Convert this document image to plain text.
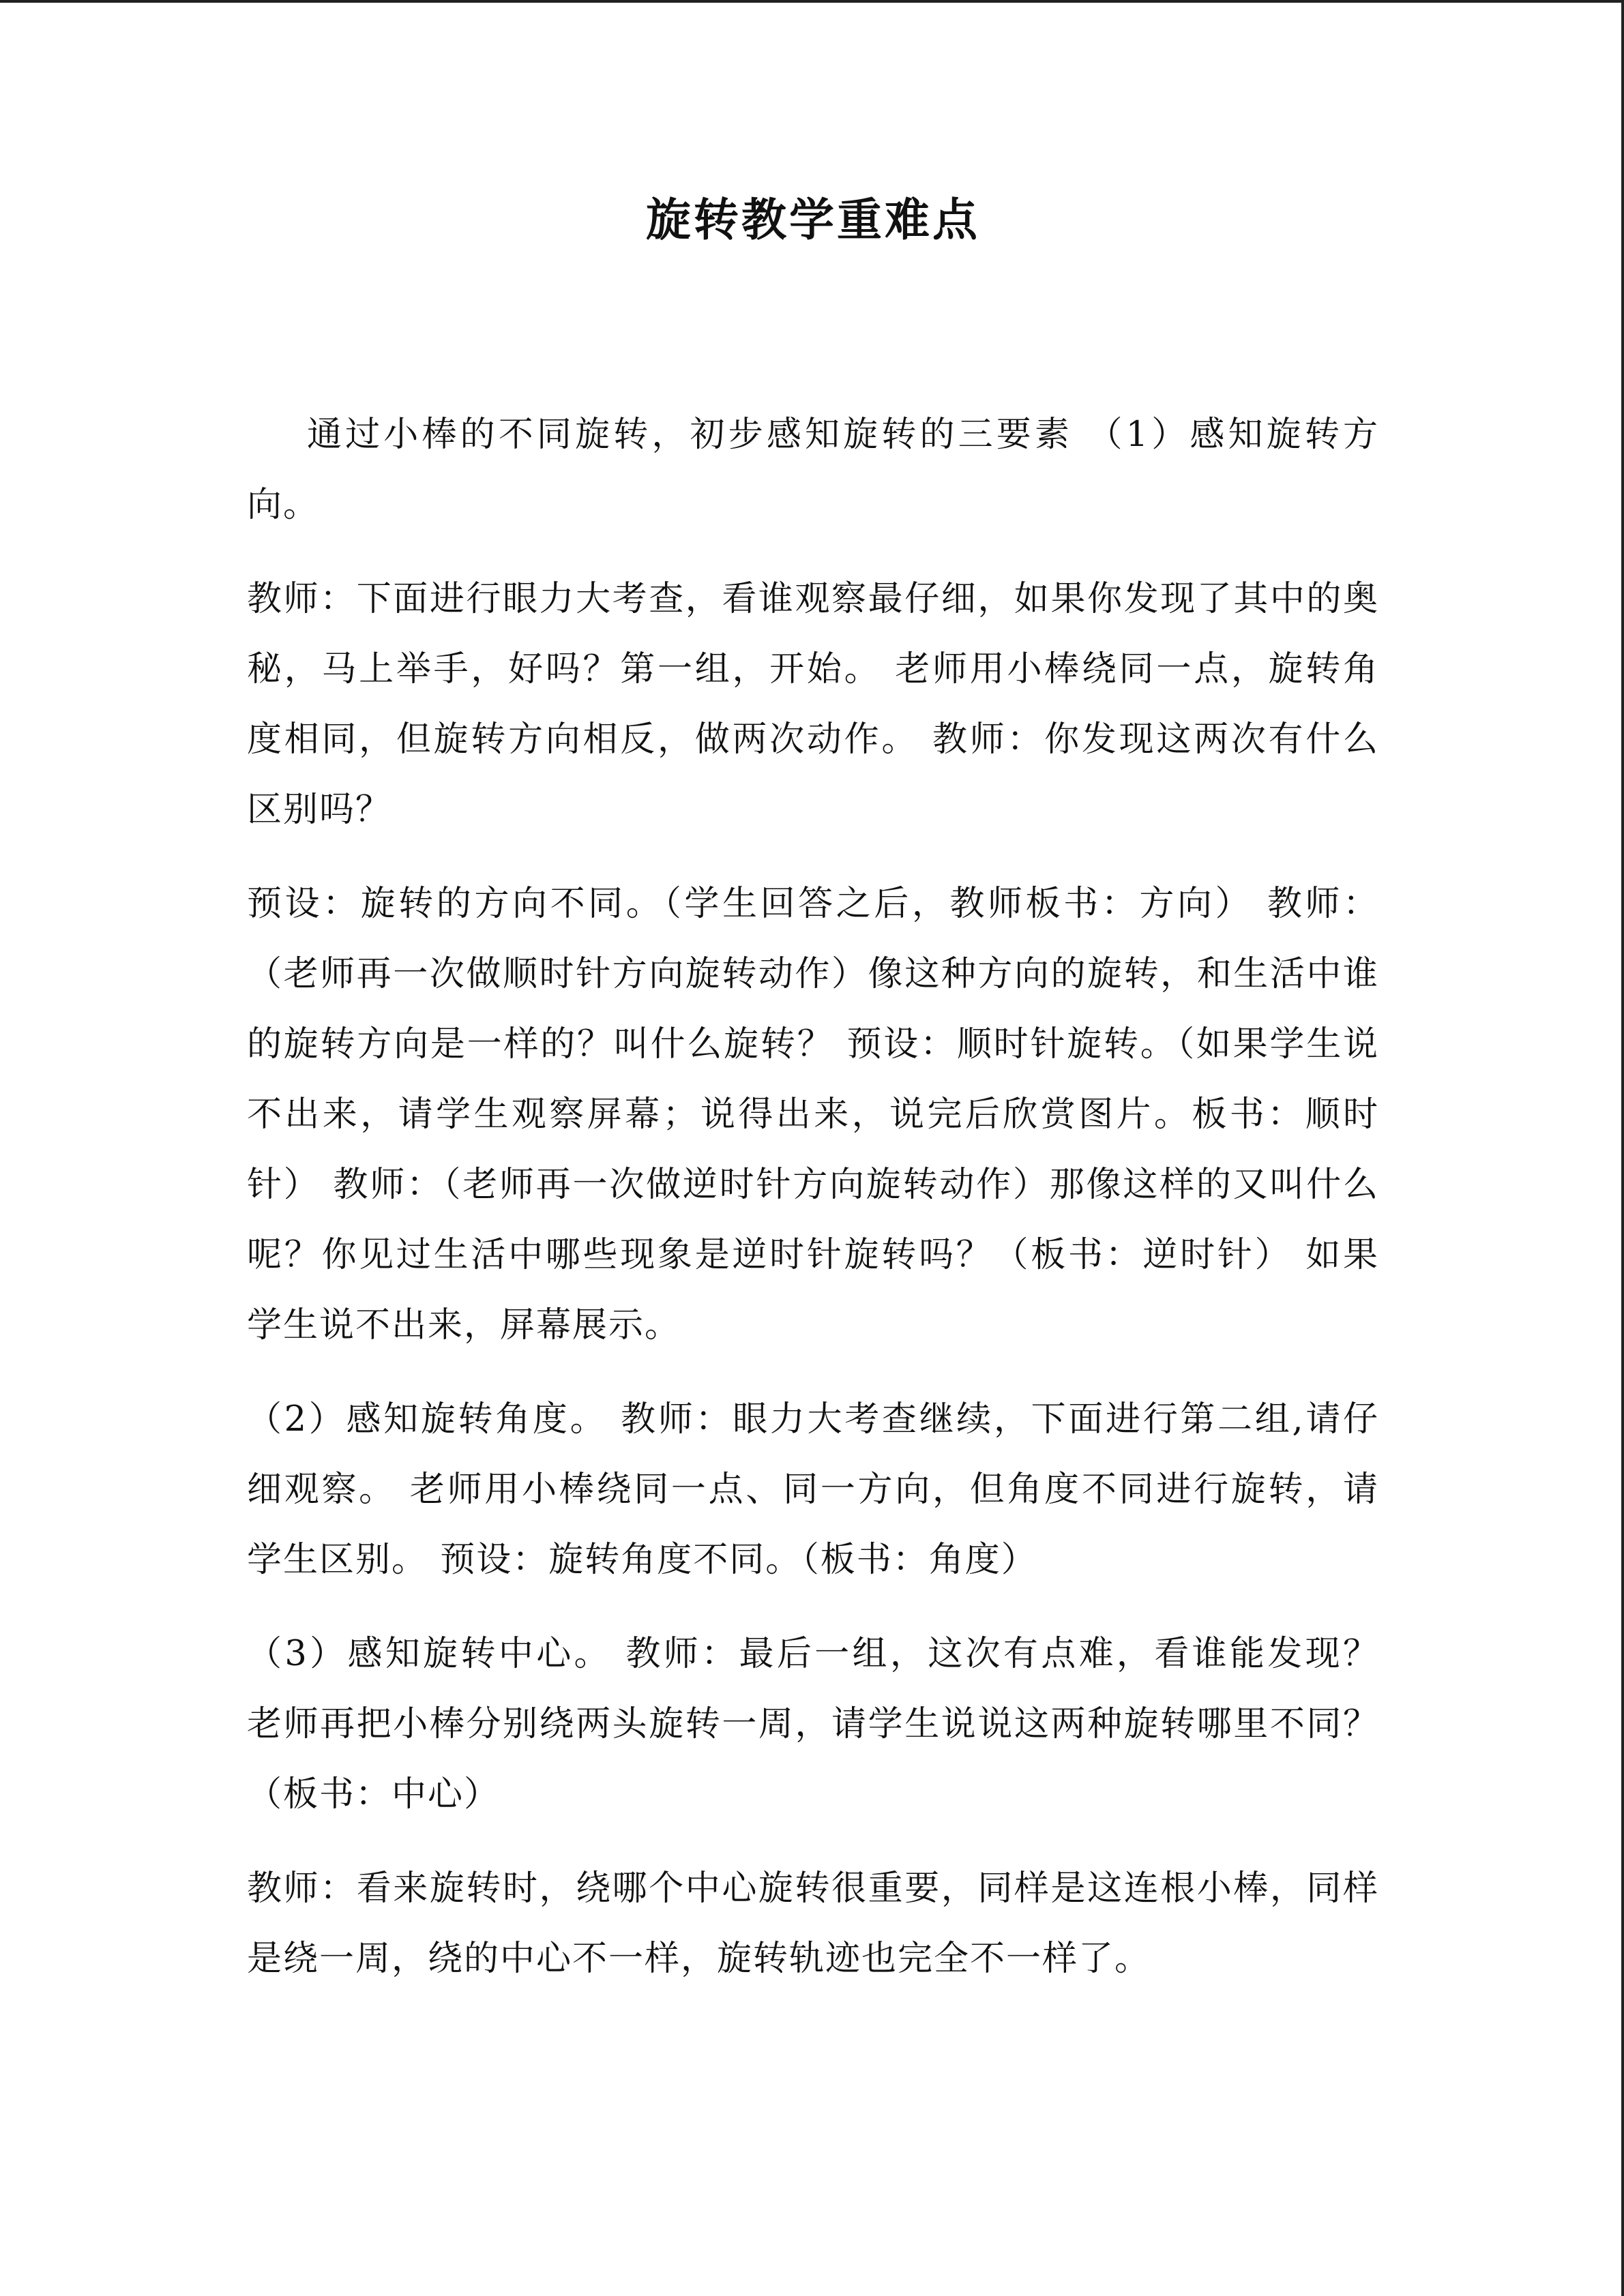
旋转教学重难点

通过小棒的不同旋转，初步感知旋转的三要素 （1）感知旋转方向。

教师：下面进行眼力大考查，看谁观察最仔细，如果你发现了其中的奥秘，马上举手，好吗？第一组，开始。 老师用小棒绕同一点，旋转角度相同，但旋转方向相反，做两次动作。 教师：你发现这两次有什么区别吗？

预设：旋转的方向不同。（学生回答之后，教师板书：方向） 教师：（老师再一次做顺时针方向旋转动作）像这种方向的旋转，和生活中谁的旋转方向是一样的？叫什么旋转？ 预设：顺时针旋转。（如果学生说不出来，请学生观察屏幕；说得出来，说完后欣赏图片。板书：顺时针） 教师：（老师再一次做逆时针方向旋转动作）那像这样的又叫什么呢？你见过生活中哪些现象是逆时针旋转吗？（板书：逆时针） 如果学生说不出来，屏幕展示。

（2）感知旋转角度。 教师：眼力大考查继续，下面进行第二组,请仔细观察。 老师用小棒绕同一点、同一方向，但角度不同进行旋转，请学生区别。 预设：旋转角度不同。（板书：角度）

（3）感知旋转中心。 教师：最后一组，这次有点难，看谁能发现？ 老师再把小棒分别绕两头旋转一周，请学生说说这两种旋转哪里不同？（板书：中心）

教师：看来旋转时，绕哪个中心旋转很重要，同样是这连根小棒，同样是绕一周，绕的中心不一样，旋转轨迹也完全不一样了。
